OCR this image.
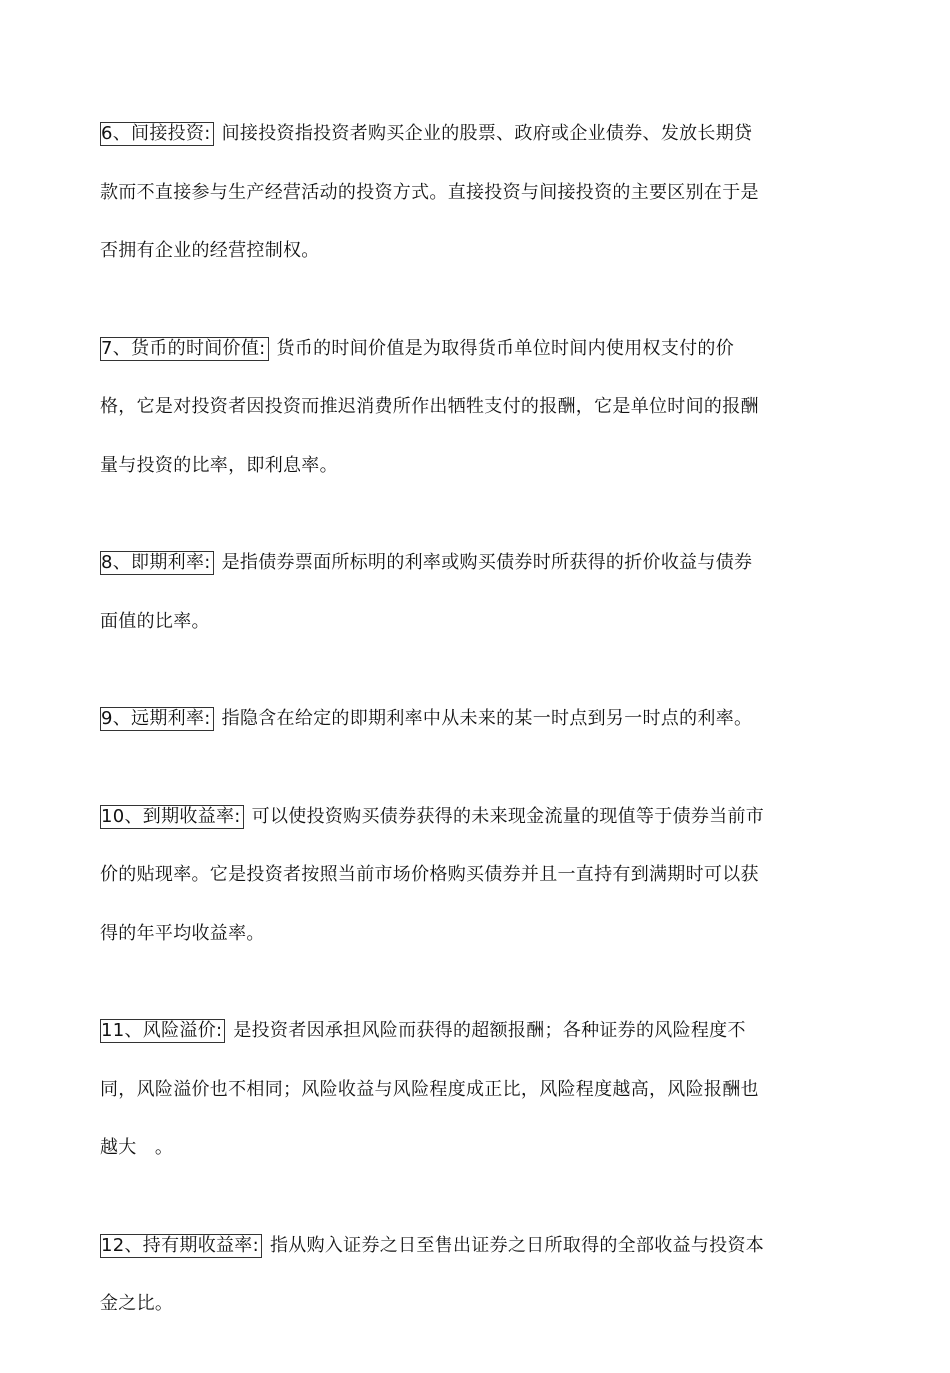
6、间接投资: 间接投资指投资者购买企业的股票、政府或企业债券、发放长期贷

款而不直接参与生产经营活动的投资方式。直接投资与间接投资的主要区别在于是

否拥有企业的经营控制权。

7、货币的时间价值: 货币的时间价值是为取得货币单位时间内使用权支付的价

格，它是对投资者因投资而推迟消费所作出牺牲支付的报酬，它是单位时间的报酬

量与投资的比率，即利息率。

8、即期利率: 是指债券票面所标明的利率或购买债券时所获得的折价收益与债券

面值的比率。

9、远期利率: 指隐含在给定的即期利率中从未来的某一时点到另一时点的利率。

10、到期收益率: 可以使投资购买债券获得的未来现金流量的现值等于债券当前市

价的贴现率。它是投资者按照当前市场价格购买债券并且一直持有到满期时可以获

得的年平均收益率。

11、风险溢价: 是投资者因承担风险而获得的超额报酬；各种证券的风险程度不

同，风险溢价也不相同；风险收益与风险程度成正比，风险程度越高，风险报酬也

越大　。

12、持有期收益率: 指从购入证券之日至售出证券之日所取得的全部收益与投资本

金之比。
